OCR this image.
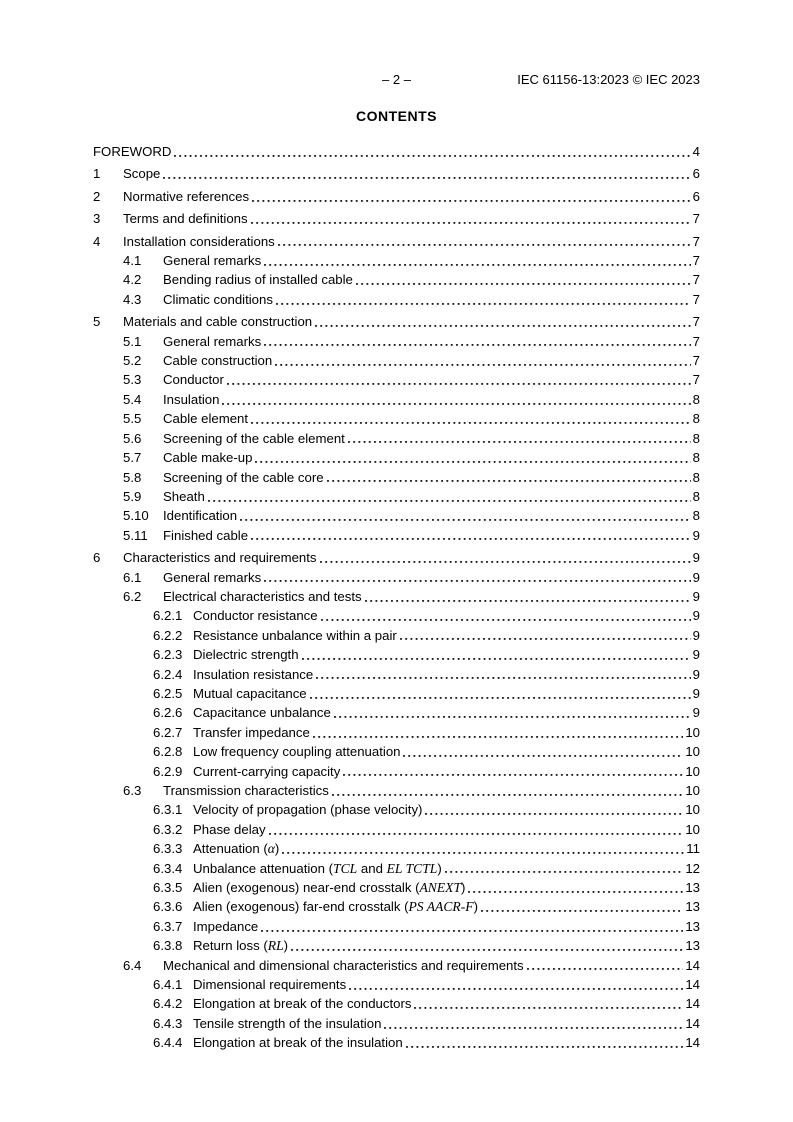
– 2 –	IEC 61156-13:2023 © IEC 2023
CONTENTS
FOREWORD	4
1	Scope	6
2	Normative references	6
3	Terms and definitions	7
4	Installation considerations	7
4.1	General remarks	7
4.2	Bending radius of installed cable	7
4.3	Climatic conditions	7
5	Materials and cable construction	7
5.1	General remarks	7
5.2	Cable construction	7
5.3	Conductor	7
5.4	Insulation	8
5.5	Cable element	8
5.6	Screening of the cable element	8
5.7	Cable make-up	8
5.8	Screening of the cable core	8
5.9	Sheath	8
5.10	Identification	8
5.11	Finished cable	9
6	Characteristics and requirements	9
6.1	General remarks	9
6.2	Electrical characteristics and tests	9
6.2.1 Conductor resistance	9
6.2.2 Resistance unbalance within a pair	9
6.2.3 Dielectric strength	9
6.2.4 Insulation resistance	9
6.2.5 Mutual capacitance	9
6.2.6 Capacitance unbalance	9
6.2.7 Transfer impedance	10
6.2.8 Low frequency coupling attenuation	10
6.2.9 Current-carrying capacity	10
6.3	Transmission characteristics	10
6.3.1 Velocity of propagation (phase velocity)	10
6.3.2 Phase delay	10
6.3.3 Attenuation (α)	11
6.3.4 Unbalance attenuation (TCL and EL TCTL)	12
6.3.5 Alien (exogenous) near-end crosstalk (ANEXT)	13
6.3.6 Alien (exogenous) far-end crosstalk (PS AACR-F)	13
6.3.7 Impedance	13
6.3.8 Return loss (RL)	13
6.4	Mechanical and dimensional characteristics and requirements	14
6.4.1 Dimensional requirements	14
6.4.2 Elongation at break of the conductors	14
6.4.3 Tensile strength of the insulation	14
6.4.4 Elongation at break of the insulation	14
